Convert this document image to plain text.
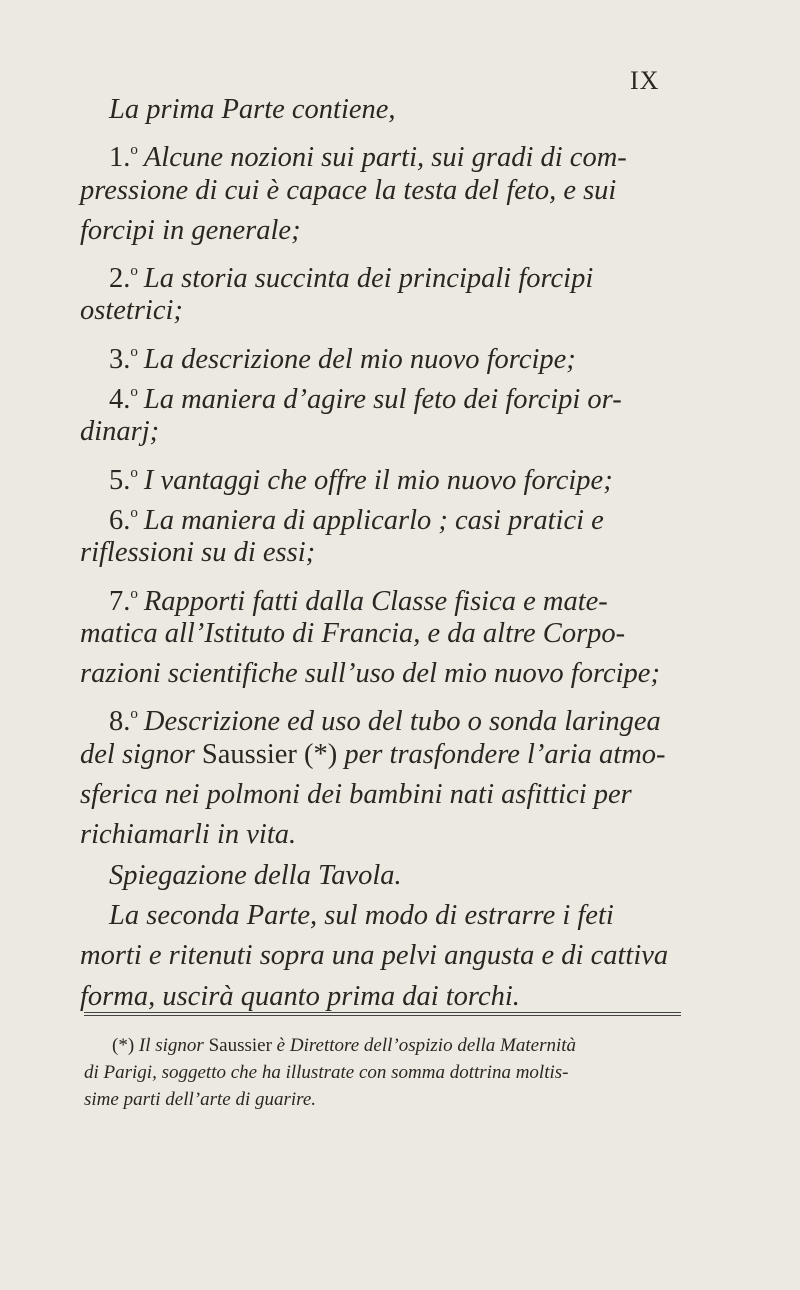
IX
La prima Parte contiene,
1.$^o$ Alcune nozioni sui parti, sui gradi di com-
pressione di cui è capace la testa del feto, e sui
forcipi in generale;
2.$^o$ La storia succinta dei principali forcipi
ostetrici;
3.$^o$ La descrizione del mio nuovo forcipe;
4.$^o$ La maniera d’agire sul feto dei forcipi or-
dinarj;
5.$^o$ I vantaggi che offre il mio nuovo forcipe;
6.$^o$ La maniera di applicarlo ; casi pratici e
riflessioni su di essi;
7.$^o$ Rapporti fatti dalla Classe fisica e mate-
matica all’Istituto di Francia, e da altre Corpo-
razioni scientifiche sull’uso del mio nuovo forcipe;
8.$^o$ Descrizione ed uso del tubo o sonda laringea
del signor Saussier (*) per trasfondere l’aria atmo-
sferica nei polmoni dei bambini nati asfittici per
richiamarli in vita.
Spiegazione della Tavola.
La seconda Parte, sul modo di estrarre i feti
morti e ritenuti sopra una pelvi angusta e di cattiva
forma, uscirà quanto prima dai torchi.
(*) Il signor Saussier è Direttore dell’ospizio della Maternità
di Parigi, soggetto che ha illustrate con somma dottrina moltis-
sime parti dell’arte di guarire.
